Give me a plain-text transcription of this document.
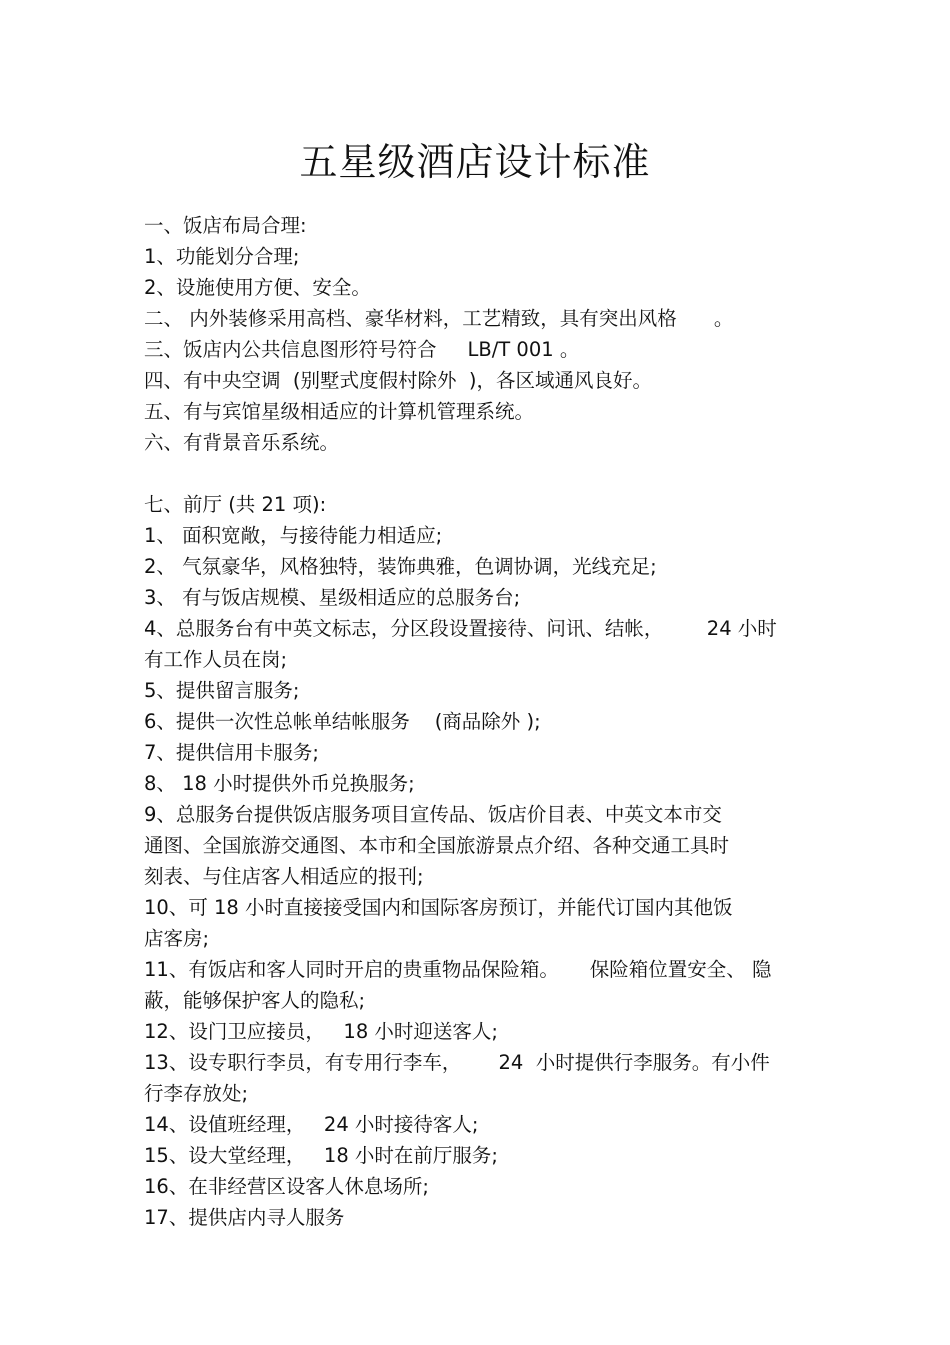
五星级酒店设计标准

一、饭店布局合理:

1、功能划分合理;

2、设施使用方便、安全。

二、 内外装修采用高档、豪华材料，工艺精致，具有突出风格      。

三、饭店内公共信息图形符号符合     LB/T 001 。

四、有中央空调  (别墅式度假村除外  )，各区域通风良好。

五、有与宾馆星级相适应的计算机管理系统。

六、有背景音乐系统。

七、前厅 (共 21 项):

1、 面积宽敞，与接待能力相适应;

2、 气氛豪华，风格独特，装饰典雅，色调协调，光线充足;

3、 有与饭店规模、星级相适应的总服务台;

4、总服务台有中英文标志，分区段设置接待、问讯、结帐，       24 小时

有工作人员在岗;

5、提供留言服务;

6、提供一次性总帐单结帐服务    (商品除外 );

7、提供信用卡服务;

8、 18 小时提供外币兑换服务;

9、总服务台提供饭店服务项目宣传品、饭店价目表、中英文本市交

通图、全国旅游交通图、本市和全国旅游景点介绍、各种交通工具时

刻表、与住店客人相适应的报刊;

10、可 18 小时直接接受国内和国际客房预订，并能代订国内其他饭

店客房;

11、有饭店和客人同时开启的贵重物品保险箱。     保险箱位置安全、 隐

蔽，能够保护客人的隐私;

12、设门卫应接员，   18 小时迎送客人;

13、设专职行李员，有专用行李车，      24  小时提供行李服务。有小件

行李存放处;

14、设值班经理，   24 小时接待客人;

15、设大堂经理，   18 小时在前厅服务;

16、在非经营区设客人休息场所;

17、提供店内寻人服务
